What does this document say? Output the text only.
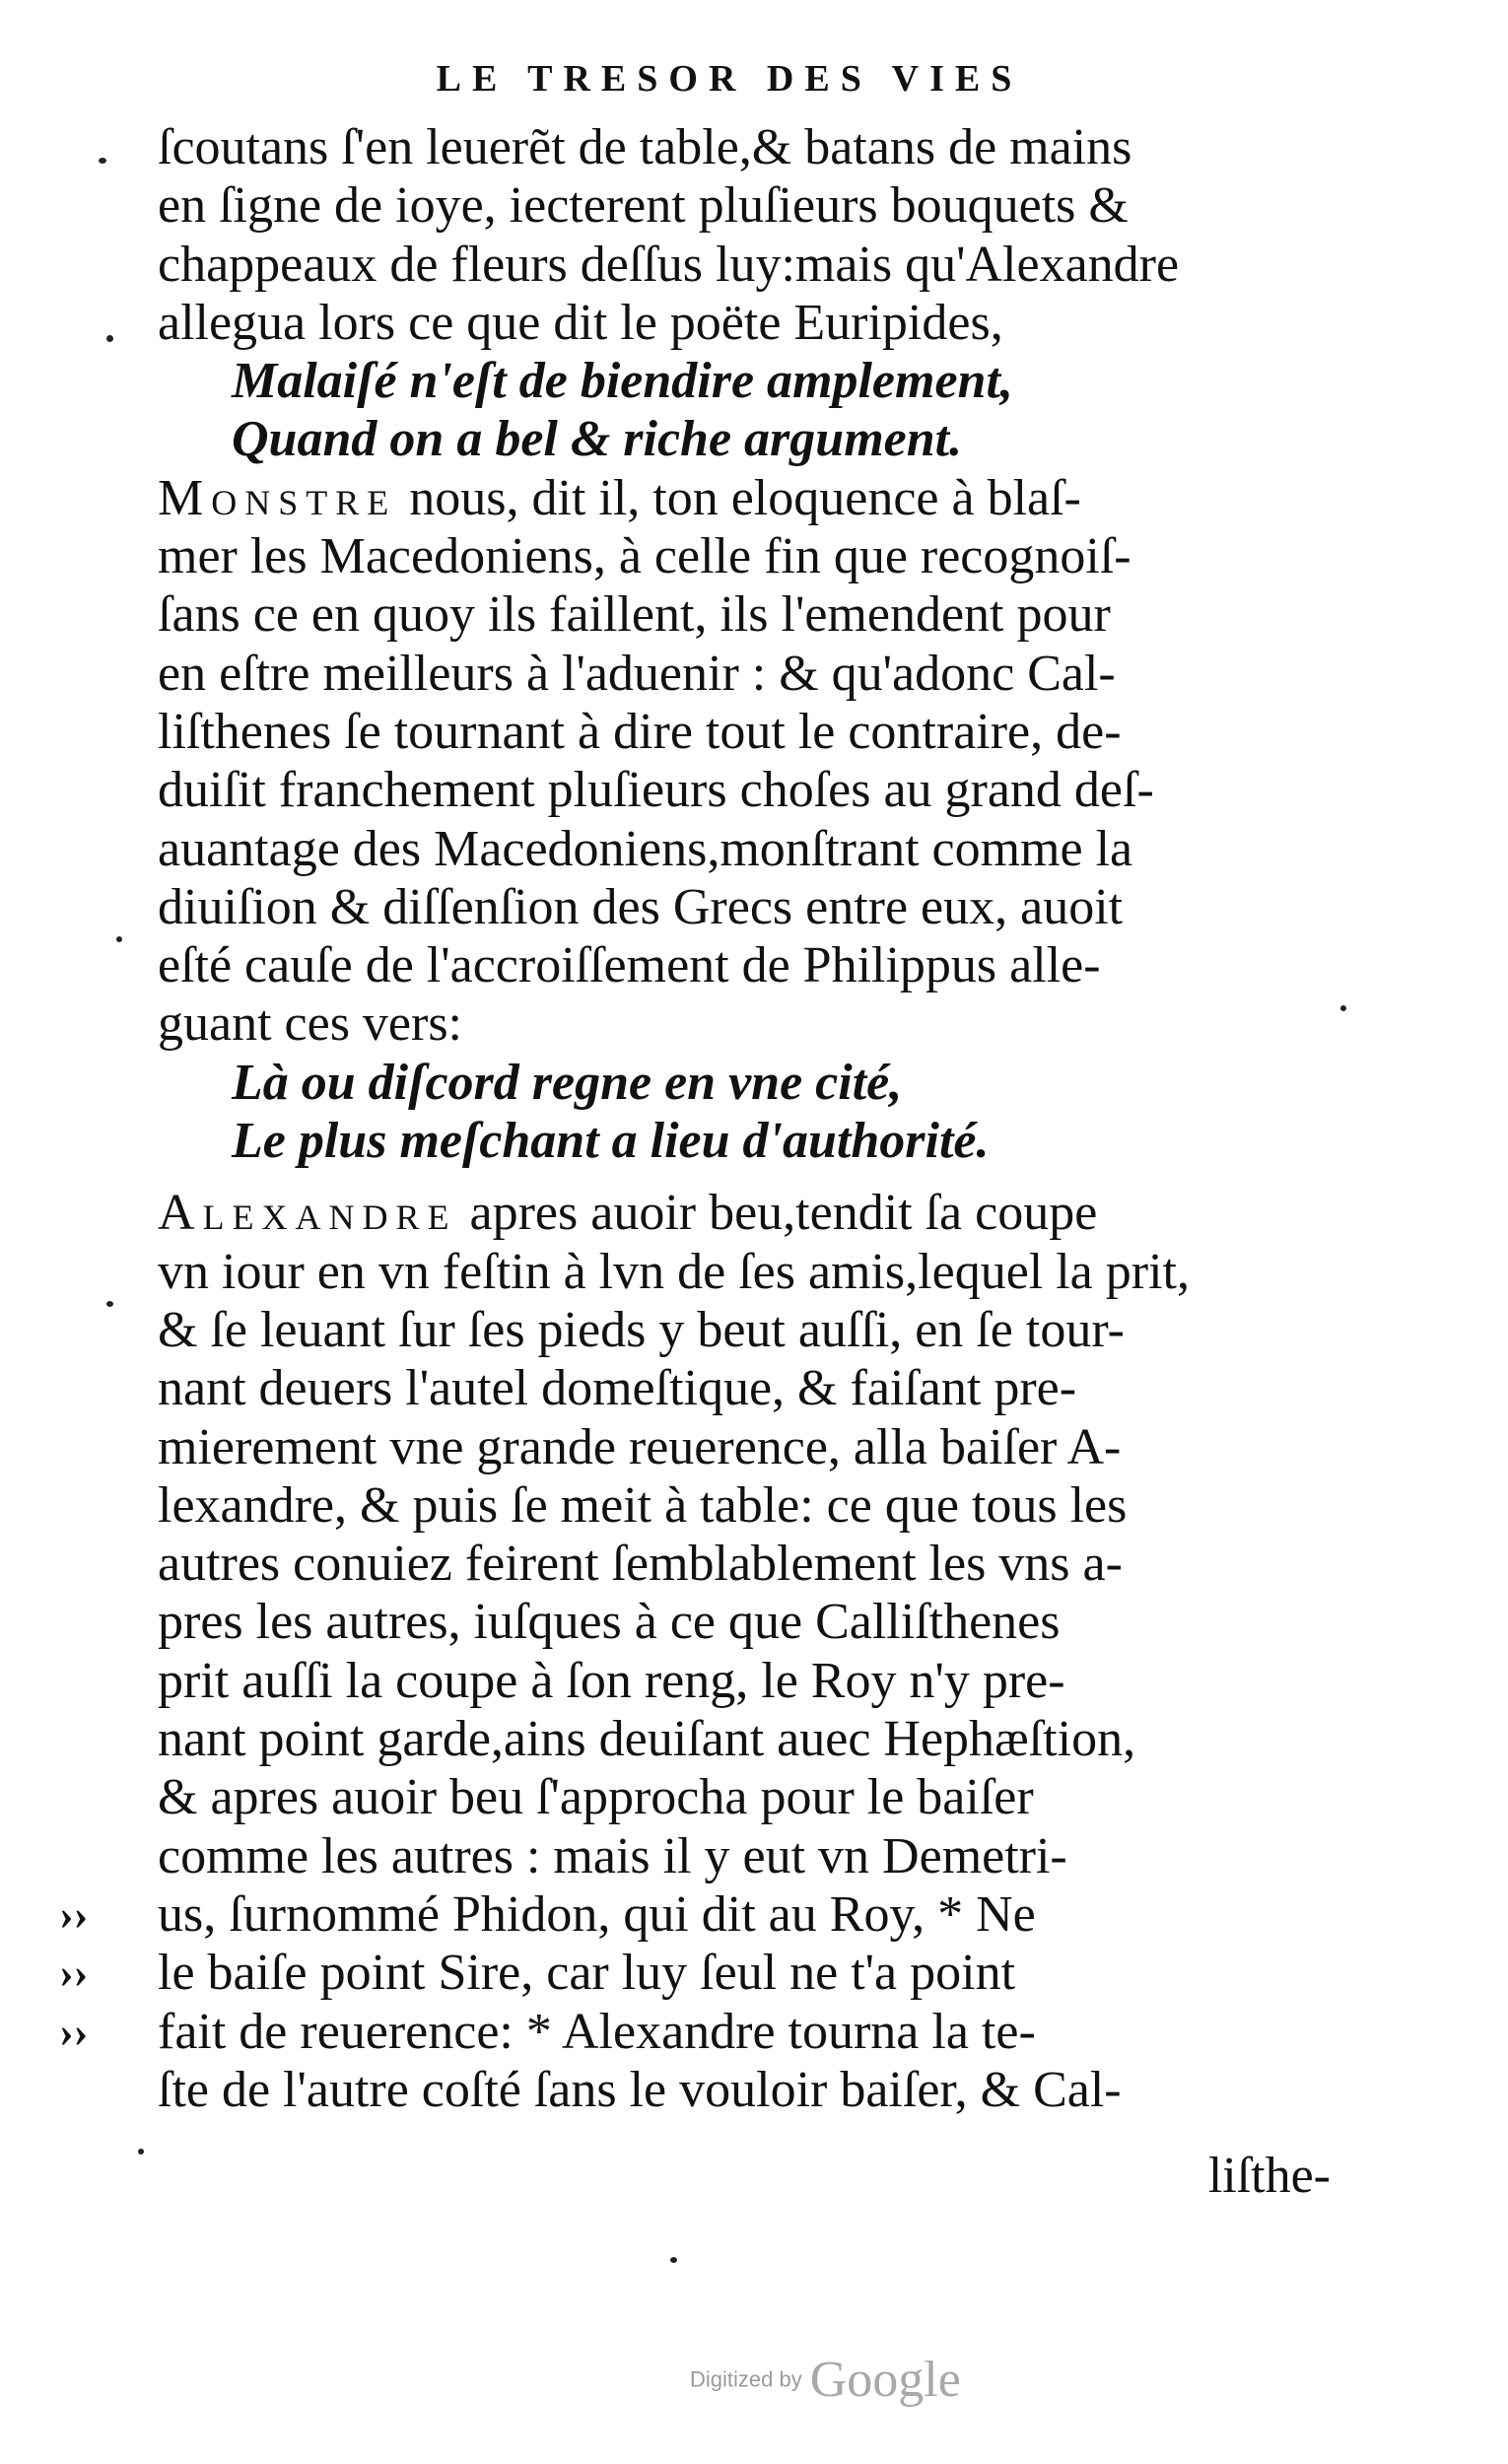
LE TRESOR DES VIES
ſcoutans ſ'en leuerẽt de table,& batans de mains
en ſigne de ioye, iecterent pluſieurs bouquets &
chappeaux de fleurs deſſus luy:mais qu'Alexandre
allegua lors ce que dit le poëte Euripides,
Malaiſé n'eſt de biendire amplement,
Quand on a bel & riche argument.
Monstre nous, dit il, ton eloquence à blaſ-
mer les Macedoniens, à celle fin que recognoiſ-
ſans ce en quoy ils faillent, ils l'emendent pour
en eſtre meilleurs à l'aduenir : & qu'adonc Cal-
liſthenes ſe tournant à dire tout le contraire, de-
duiſit franchement pluſieurs choſes au grand deſ-
auantage des Macedoniens,monſtrant comme la
diuiſion & diſſenſion des Grecs entre eux, auoit
eſté cauſe de l'accroiſſement de Philippus alle-
guant ces vers:
Là ou diſcord regne en vne cité,
Le plus meſchant a lieu d'authorité.
Alexandre apres auoir beu,tendit ſa coupe
vn iour en vn feſtin à lvn de ſes amis,lequel la prit,
& ſe leuant ſur ſes pieds y beut auſſi, en ſe tour-
nant deuers l'autel domeſtique, & faiſant pre-
mierement vne grande reuerence, alla baiſer A-
lexandre, & puis ſe meit à table: ce que tous les
autres conuiez feirent ſemblablement les vns a-
pres les autres, iuſques à ce que Calliſthenes
prit auſſi la coupe à ſon reng, le Roy n'y pre-
nant point garde,ains deuiſant auec Hephæſtion,
& apres auoir beu ſ'approcha pour le baiſer
comme les autres : mais il y eut vn Demetri-
us, ſurnommé Phidon, qui dit au Roy, * Ne
le baiſe point Sire, car luy ſeul ne t'a point
fait de reuerence: * Alexandre tourna la te-
ſte de l'autre coſté ſans le vouloir baiſer, & Cal-
liſthe-
››
››
››
Digitized by Google
